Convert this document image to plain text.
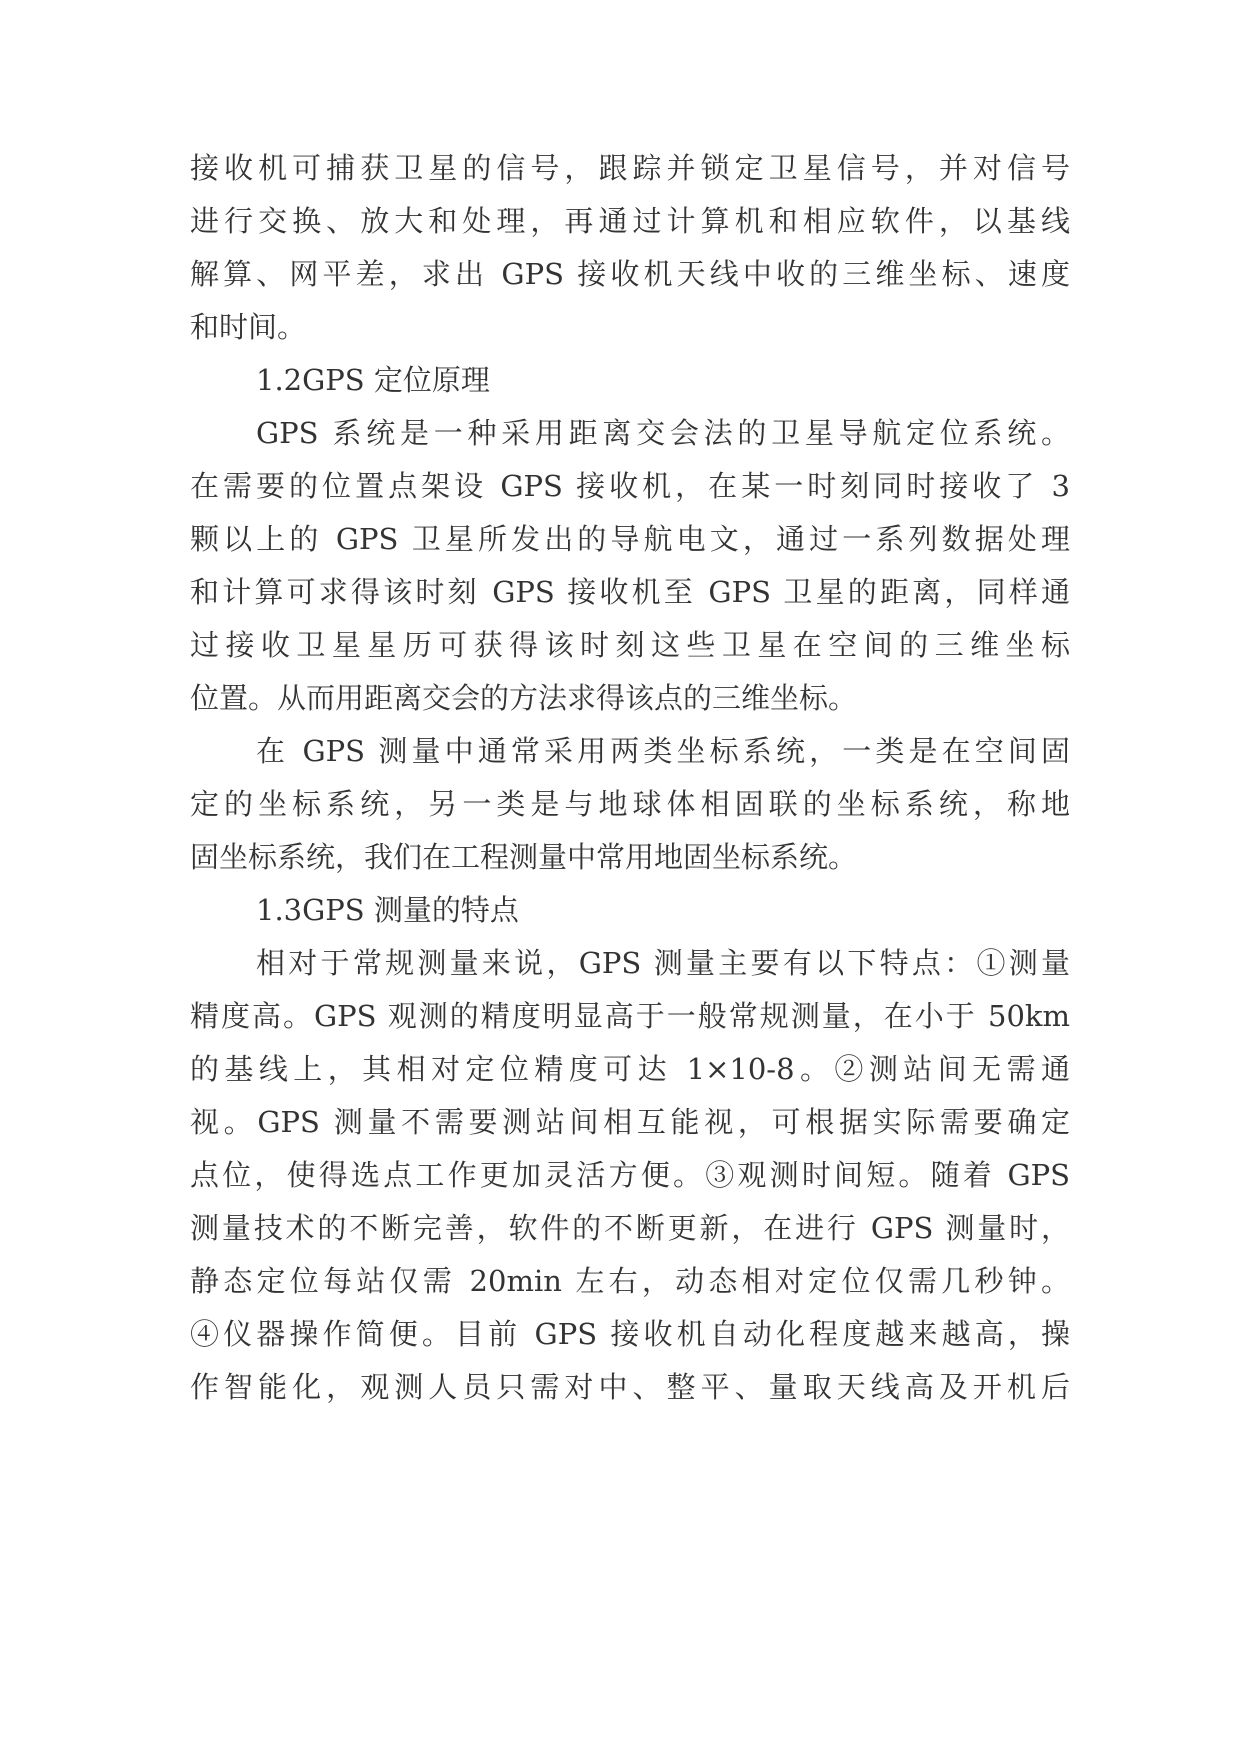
接收机可捕获卫星的信号，跟踪并锁定卫星信号，并对信号
进行交换、放大和处理，再通过计算机和相应软件，以基线
解算、网平差，求出 GPS 接收机天线中收的三维坐标、速度
和时间。
1.2GPS 定位原理
GPS 系统是一种采用距离交会法的卫星导航定位系统。
在需要的位置点架设 GPS 接收机，在某一时刻同时接收了 3
颗以上的 GPS 卫星所发出的导航电文，通过一系列数据处理
和计算可求得该时刻 GPS 接收机至 GPS 卫星的距离，同样通
过接收卫星星历可获得该时刻这些卫星在空间的三维坐标
位置。从而用距离交会的方法求得该点的三维坐标。
在 GPS 测量中通常采用两类坐标系统，一类是在空间固
定的坐标系统，另一类是与地球体相固联的坐标系统，称地
固坐标系统，我们在工程测量中常用地固坐标系统。
1.3GPS 测量的特点
相对于常规测量来说，GPS 测量主要有以下特点：①测量
精度高。GPS 观测的精度明显高于一般常规测量，在小于 50km
的基线上，其相对定位精度可达 1×10-8。②测站间无需通
视。GPS 测量不需要测站间相互能视，可根据实际需要确定
点位，使得选点工作更加灵活方便。③观测时间短。随着 GPS
测量技术的不断完善，软件的不断更新，在进行 GPS 测量时，
静态定位每站仅需 20min 左右，动态相对定位仅需几秒钟。
④仪器操作简便。目前 GPS 接收机自动化程度越来越高，操
作智能化，观测人员只需对中、整平、量取天线高及开机后
